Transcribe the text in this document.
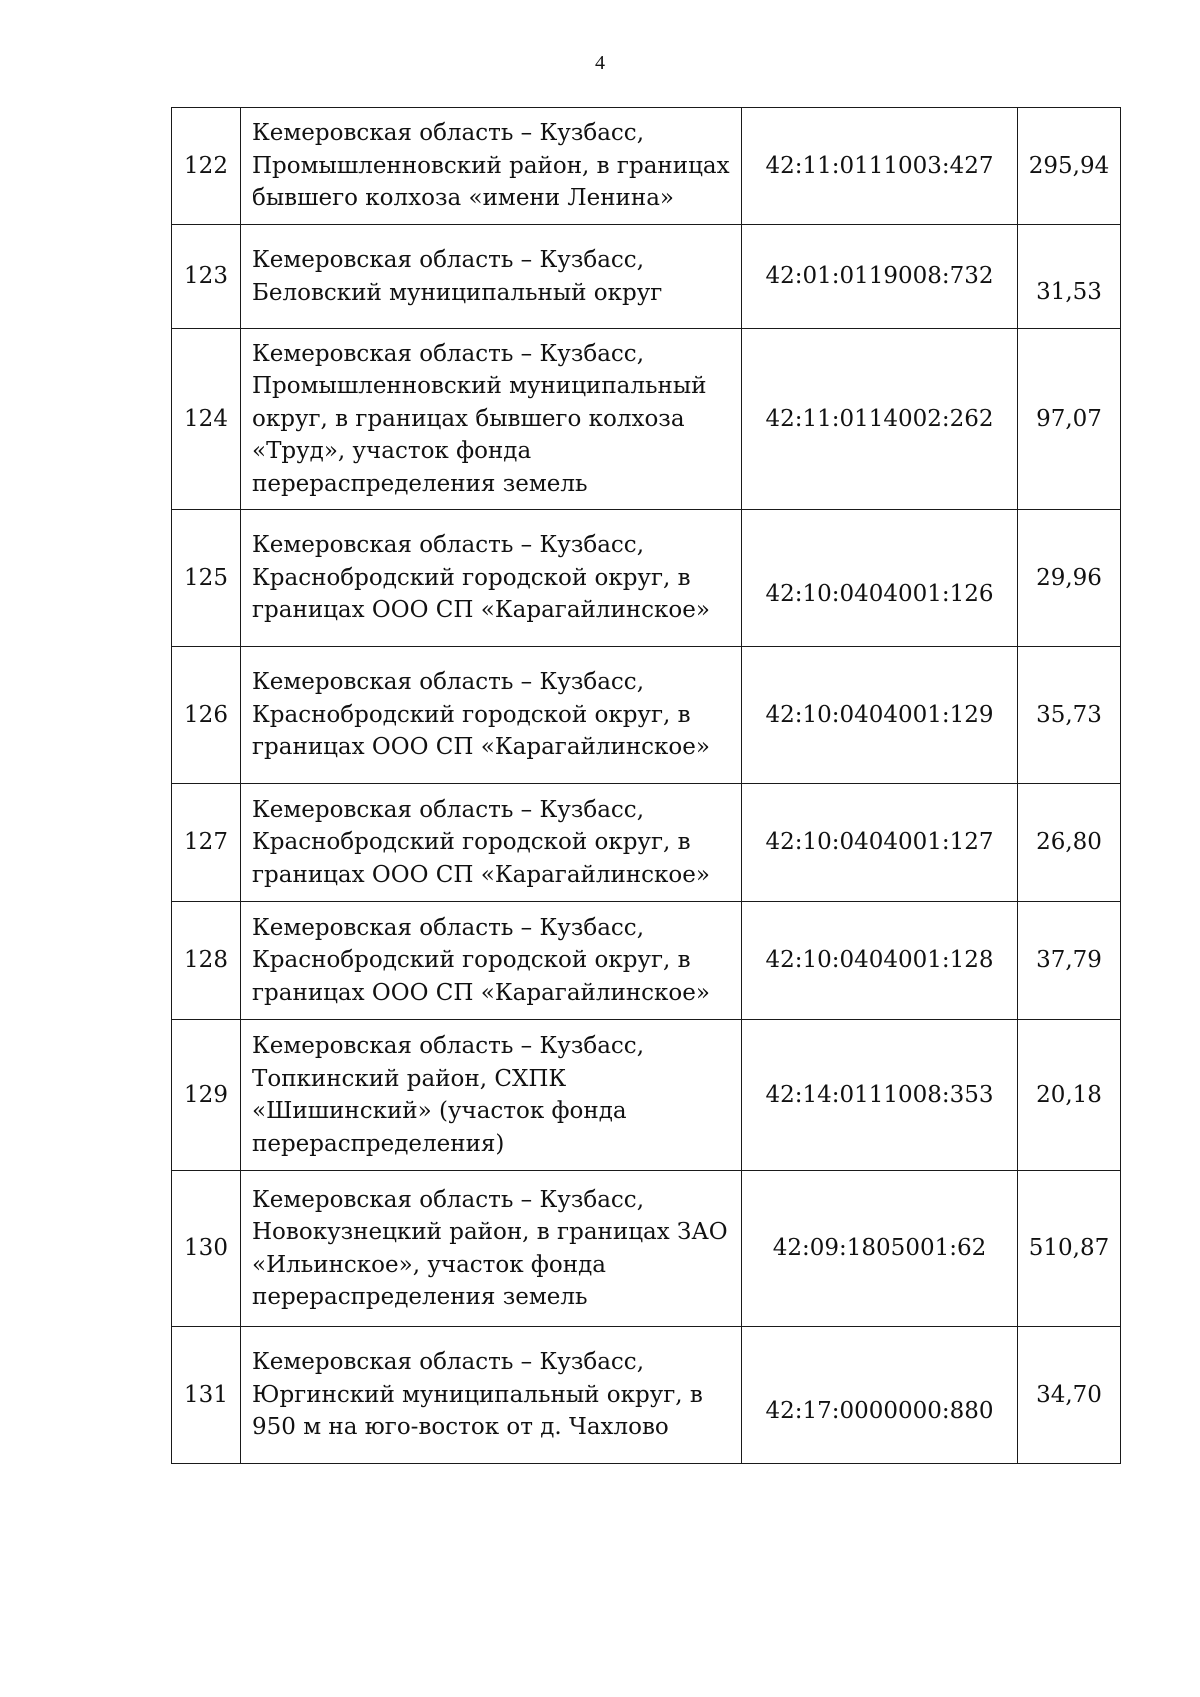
4
122	Кемеровская область – Кузбасс, Промышленновский район, в границах бывшего колхоза «имени Ленина»	42:11:0111003:427	295,94
123	Кемеровская область – Кузбасс, Беловский муниципальный округ	42:01:0119008:732	31,53

124	Кемеровская область – Кузбасс, Промышленновский муниципальный округ, в границах бывшего колхоза «Труд», участок фонда перераспределения земель	42:11:0114002:262	97,07
125	Кемеровская область – Кузбасс, Краснобродский городской округ, в границах ООО СП «Карагайлинское»	42:10:0404001:126	29,96
126	Кемеровская область – Кузбасс, Краснобродский городской округ, в границах ООО СП «Карагайлинское»	42:10:0404001:129	35,73
127	Кемеровская область – Кузбасс, Краснобродский городской округ, в границах ООО СП «Карагайлинское»	42:10:0404001:127	26,80
128	Кемеровская область – Кузбасс, Краснобродский городской округ, в границах ООО СП «Карагайлинское»	42:10:0404001:128	37,79
129	Кемеровская область – Кузбасс, Топкинский район, СХПК «Шишинский» (участок фонда перераспределения)	42:14:0111008:353	20,18
130	Кемеровская область – Кузбасс, Новокузнецкий район, в границах ЗАО «Ильинское», участок фонда перераспределения земель	42:09:1805001:62	510,87
131	Кемеровская область – Кузбасс, Юргинский муниципальный округ, в 950 м на юго-восток от д. Чахлово	42:17:0000000:880	34,70
